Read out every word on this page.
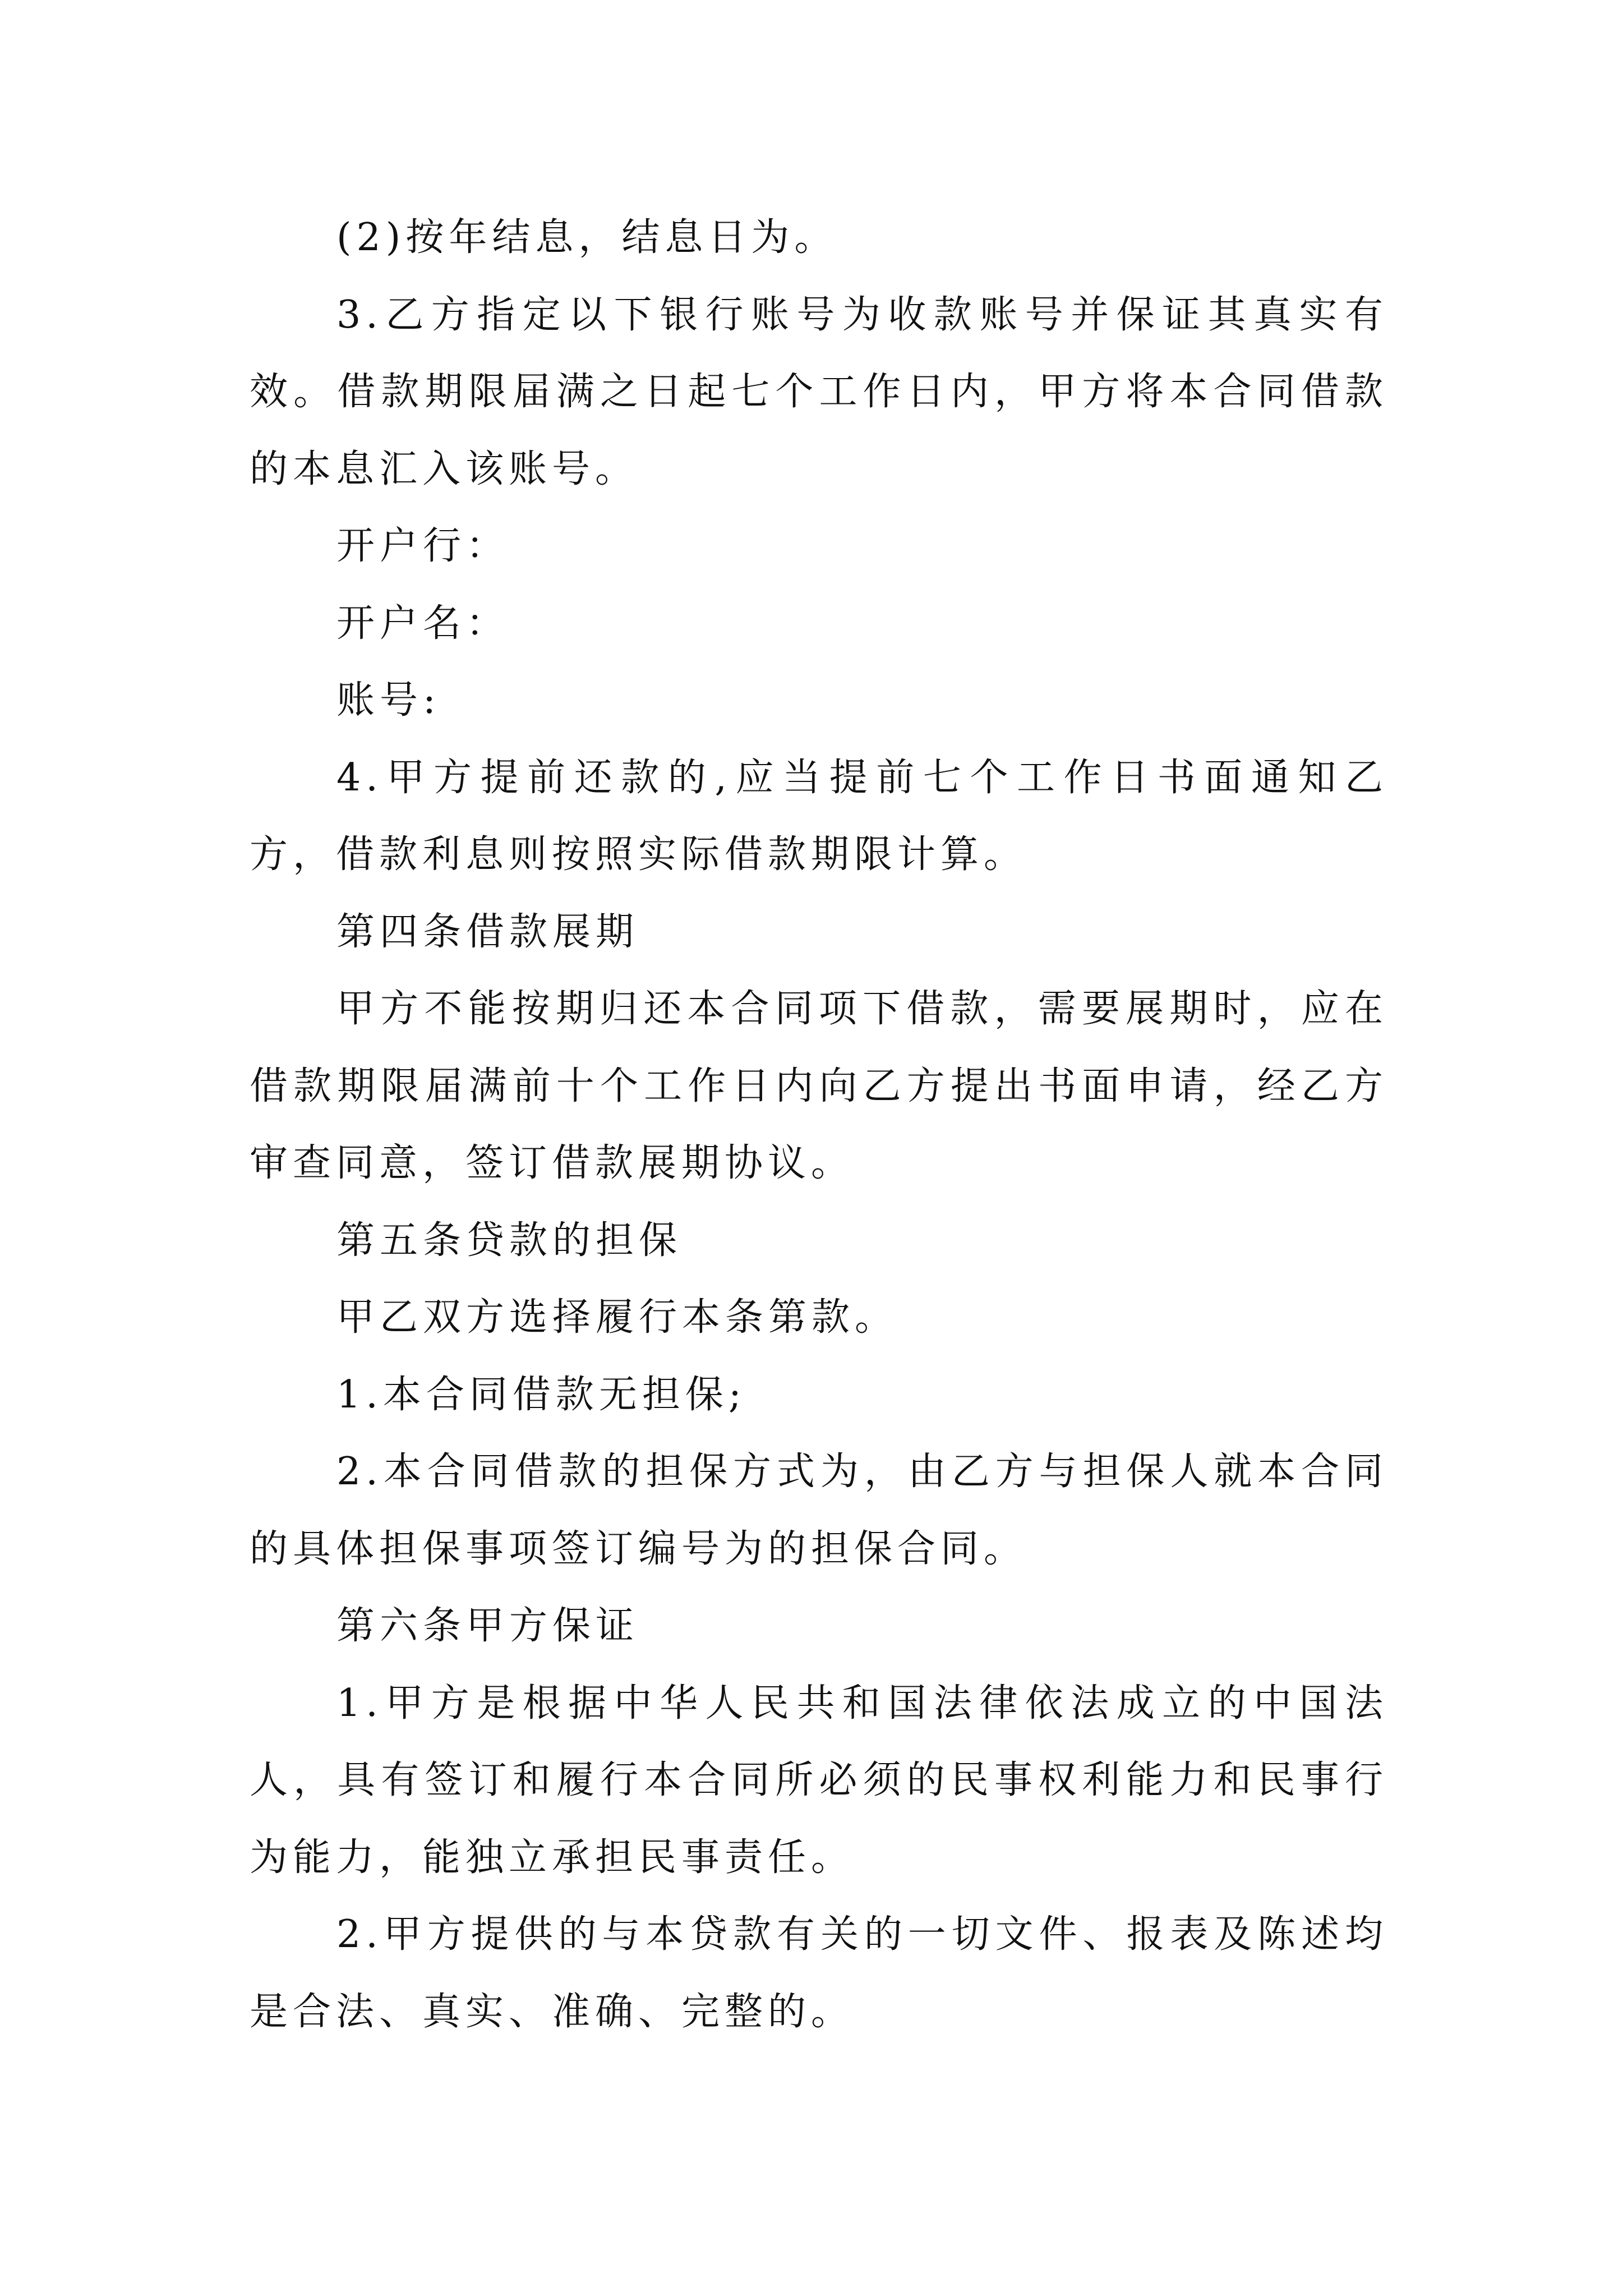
(2)按年结息，结息日为。

3.乙方指定以下银行账号为收款账号并保证其真实有效。借款期限届满之日起七个工作日内，甲方将本合同借款的本息汇入该账号。

开户行：

开户名：

账号:

4.甲方提前还款的,应当提前七个工作日书面通知乙方，借款利息则按照实际借款期限计算。

第四条借款展期

甲方不能按期归还本合同项下借款，需要展期时，应在借款期限届满前十个工作日内向乙方提出书面申请，经乙方审查同意，签订借款展期协议。

第五条贷款的担保

甲乙双方选择履行本条第款。

1.本合同借款无担保;

2.本合同借款的担保方式为，由乙方与担保人就本合同的具体担保事项签订编号为的担保合同。

第六条甲方保证

1.甲方是根据中华人民共和国法律依法成立的中国法人，具有签订和履行本合同所必须的民事权利能力和民事行为能力，能独立承担民事责任。

2.甲方提供的与本贷款有关的一切文件、报表及陈述均是合法、真实、准确、完整的。
